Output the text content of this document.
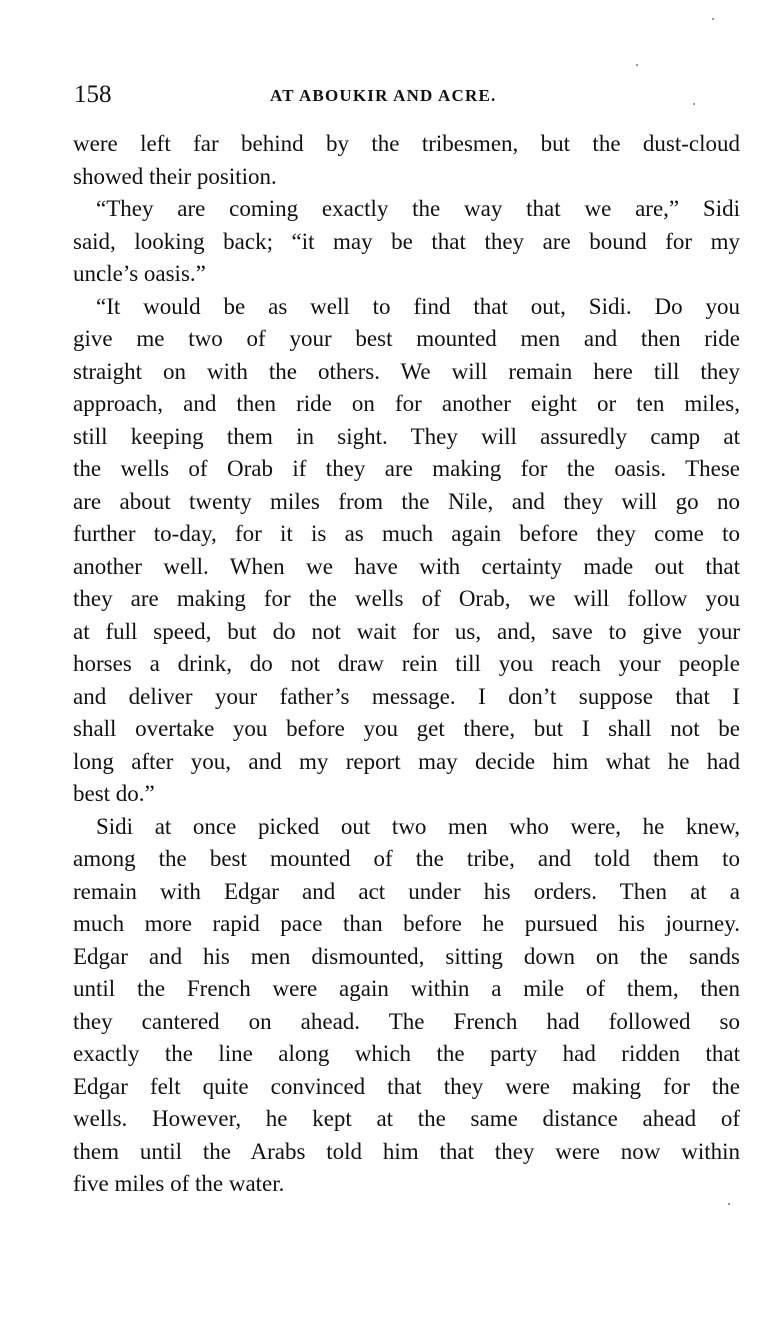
158	AT ABOUKIR AND ACRE.
were left far behind by the tribesmen, but the dust-cloud
showed their position.
“They are coming exactly the way that we are,” Sidi
said, looking back; “it may be that they are bound for my
uncle’s oasis.”
“It would be as well to find that out, Sidi. Do you
give me two of your best mounted men and then ride
straight on with the others. We will remain here till they
approach, and then ride on for another eight or ten miles,
still keeping them in sight. They will assuredly camp at
the wells of Orab if they are making for the oasis. These
are about twenty miles from the Nile, and they will go no
further to-day, for it is as much again before they come to
another well. When we have with certainty made out that
they are making for the wells of Orab, we will follow you
at full speed, but do not wait for us, and, save to give your
horses a drink, do not draw rein till you reach your people
and deliver your father’s message. I don’t suppose that I
shall overtake you before you get there, but I shall not be
long after you, and my report may decide him what he had
best do.”
Sidi at once picked out two men who were, he knew,
among the best mounted of the tribe, and told them to
remain with Edgar and act under his orders. Then at a
much more rapid pace than before he pursued his journey.
Edgar and his men dismounted, sitting down on the sands
until the French were again within a mile of them, then
they cantered on ahead. The French had followed so
exactly the line along which the party had ridden that
Edgar felt quite convinced that they were making for the
wells. However, he kept at the same distance ahead of
them until the Arabs told him that they were now within
five miles of the water.
